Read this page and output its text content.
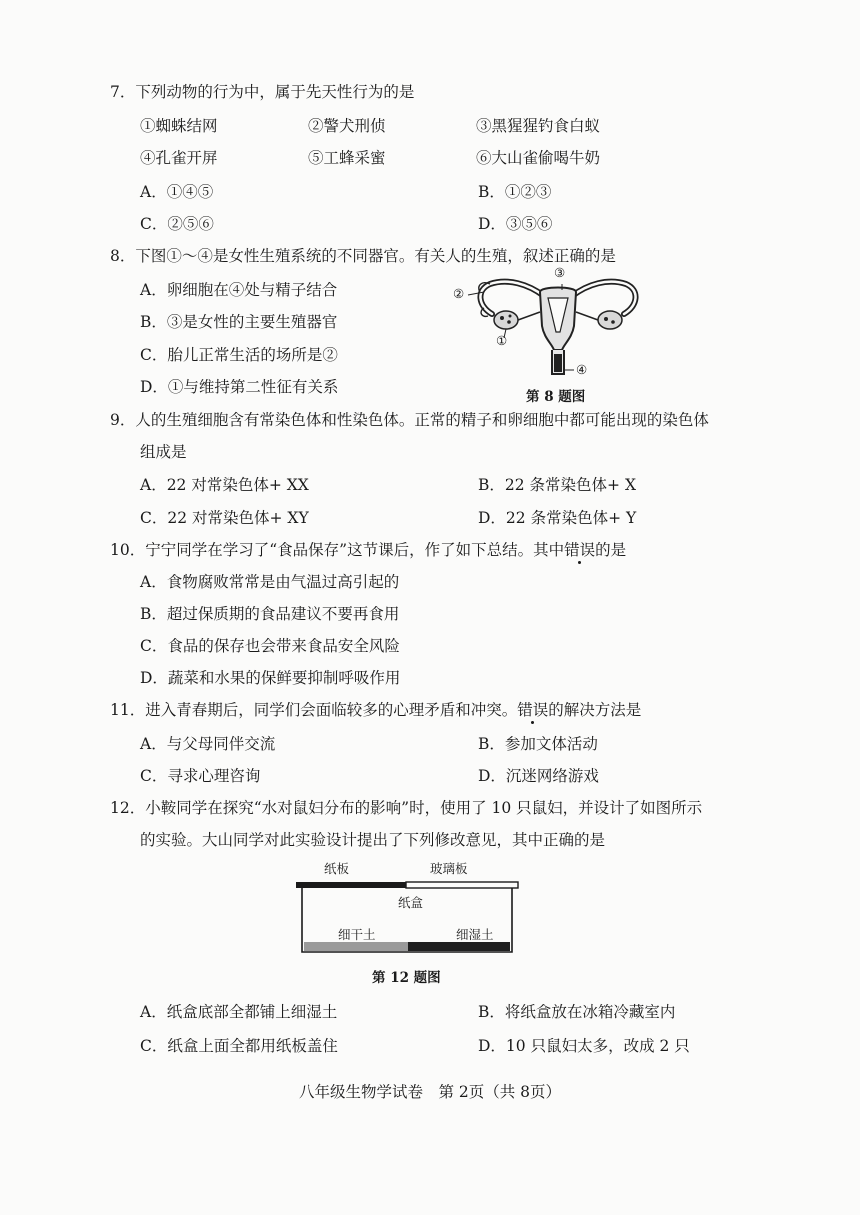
7．下列动物的行为中，属于先天性行为的是
①蜘蛛结网	②警犬刑侦	③黑猩猩钓食白蚁
④孔雀开屏	⑤工蜂采蜜	⑥大山雀偷喝牛奶
A．①④⑤	B．①②③
C．②⑤⑥	D．③⑤⑥
8．下图①～④是女性生殖系统的不同器官。有关人的生殖，叙述正确的是
A．卵细胞在④处与精子结合
B．③是女性的主要生殖器官
C．胎儿正常生活的场所是②
D．①与维持第二性征有关系
③
②
①
④
第 8 题图
9．人的生殖细胞含有常染色体和性染色体。正常的精子和卵细胞中都可能出现的染色体
组成是
A．22 对常染色体+ XX	B．22 条常染色体+ X
C．22 对常染色体+ XY	D．22 条常染色体+ Y
10．宁宁同学在学习了“食品保存”这节课后，作了如下总结。其中错误的是
A．食物腐败常常是由气温过高引起的
B．超过保质期的食品建议不要再食用
C．食品的保存也会带来食品安全风险
D．蔬菜和水果的保鲜要抑制呼吸作用
11．进入青春期后，同学们会面临较多的心理矛盾和冲突。错误的解决方法是
A．与父母同伴交流	B．参加文体活动
C．寻求心理咨询	D．沉迷网络游戏
12．小鞍同学在探究“水对鼠妇分布的影响”时，使用了 10 只鼠妇，并设计了如图所示
的实验。大山同学对此实验设计提出了下列修改意见，其中正确的是
纸板	玻璃板
纸盒
细干土	细湿土
第 12 题图
A．纸盒底部全都铺上细湿土	B．将纸盒放在冰箱冷藏室内
C．纸盒上面全都用纸板盖住	D．10 只鼠妇太多，改成 2 只
八年级生物学试卷　第 2页（共 8页）
